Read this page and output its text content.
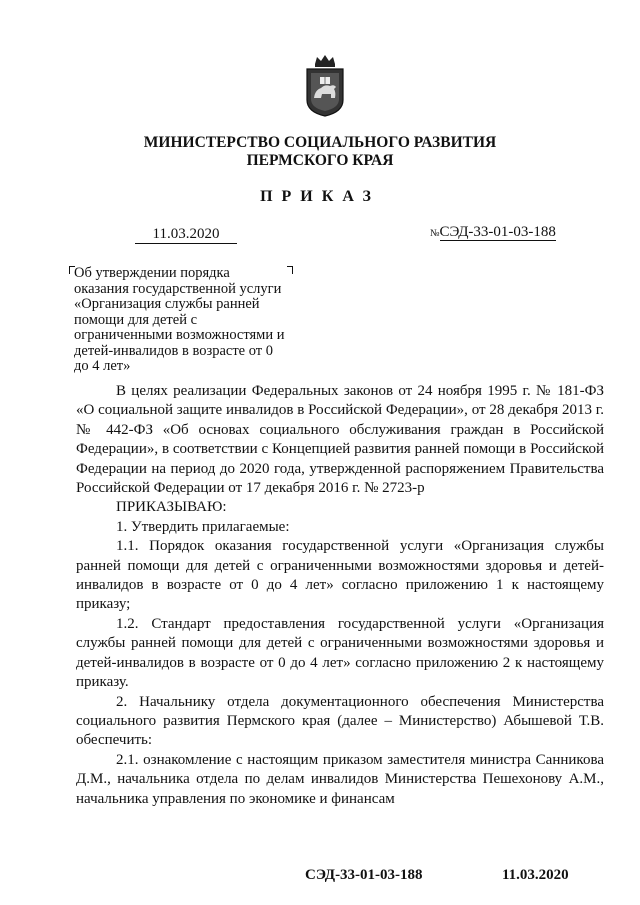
МИНИСТЕРСТВО СОЦИАЛЬНОГО РАЗВИТИЯ
ПЕРМСКОГО КРАЯ
ПРИКАЗ
11.03.2020	№СЭД-33-01-03-188
Об утверждении порядка
оказания государственной услуги
«Организация службы ранней
помощи для детей с
ограниченными возможностями и
детей-инвалидов в возрасте от 0
до 4 лет»

В целях реализации Федеральных законов от 24 ноября 1995 г. № 181-ФЗ «О социальной защите инвалидов в Российской Федерации», от 28 декабря 2013 г. № 442-ФЗ «Об основах социального обслуживания граждан в Российской Федерации», в соответствии с Концепцией развития ранней помощи в Российской Федерации на период до 2020 года, утвержденной распоряжением Правительства Российской Федерации от 17 декабря 2016 г. № 2723-р

ПРИКАЗЫВАЮ:

1. Утвердить прилагаемые:

1.1. Порядок оказания государственной услуги «Организация службы ранней помощи для детей с ограниченными возможностями здоровья и детей-инвалидов в возрасте от 0 до 4 лет» согласно приложению 1 к настоящему приказу;

1.2. Стандарт предоставления государственной услуги «Организация службы ранней помощи для детей с ограниченными возможностями здоровья и детей-инвалидов в возрасте от 0 до 4 лет» согласно приложению 2 к настоящему приказу.

2. Начальнику отдела документационного обеспечения Министерства социального развития Пермского края (далее – Министерство) Абышевой Т.В. обеспечить:

2.1. ознакомление с настоящим приказом заместителя министра Санникова Д.М., начальника отдела по делам инвалидов Министерства Пешехонову А.М., начальника управления по экономике и финансам

СЭД-33-01-03-188	11.03.2020
